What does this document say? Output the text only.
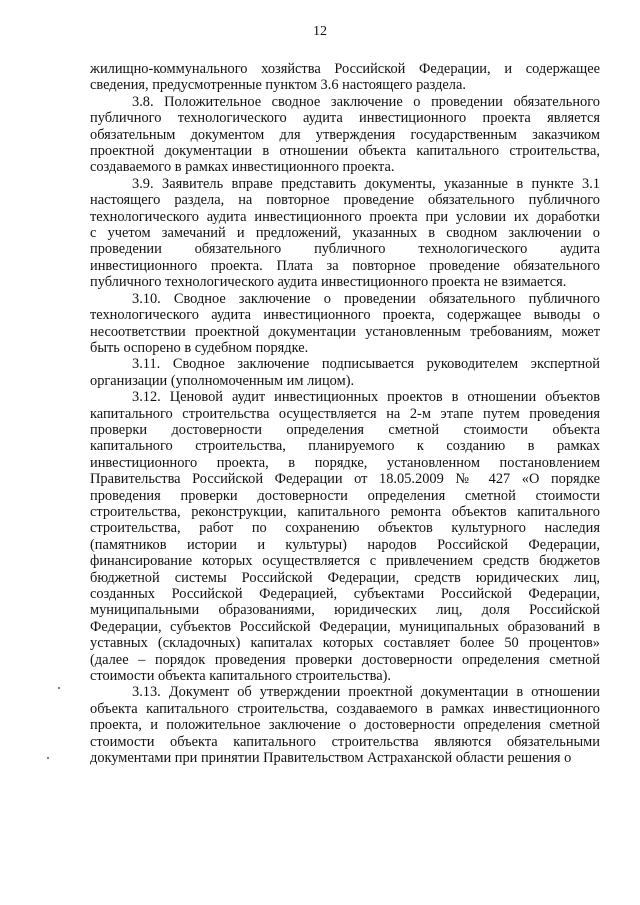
12
жилищно-коммунального хозяйства Российской Федерации, и содержащее
сведения, предусмотренные пунктом 3.6 настоящего раздела.
3.8. Положительное сводное заключение о проведении обязательного
публичного технологического аудита инвестиционного проекта является
обязательным документом для утверждения государственным заказчиком
проектной документации в отношении объекта капитального строительства,
создаваемого в рамках инвестиционного проекта.
3.9. Заявитель вправе представить документы, указанные в пункте 3.1
настоящего раздела, на повторное проведение обязательного публичного
технологического аудита инвестиционного проекта при условии их доработки
с учетом замечаний и предложений, указанных в сводном заключении о
проведении обязательного публичного технологического аудита
инвестиционного проекта. Плата за повторное проведение обязательного
публичного технологического аудита инвестиционного проекта не взимается.
3.10. Сводное заключение о проведении обязательного публичного
технологического аудита инвестиционного проекта, содержащее выводы о
несоответствии проектной документации установленным требованиям, может
быть оспорено в судебном порядке.
3.11. Сводное заключение подписывается руководителем экспертной
организации (уполномоченным им лицом).
3.12. Ценовой аудит инвестиционных проектов в отношении объектов
капитального строительства осуществляется на 2-м этапе путем проведения
проверки достоверности определения сметной стоимости объекта
капитального строительства, планируемого к созданию в рамках
инвестиционного проекта, в порядке, установленном постановлением
Правительства Российской Федерации от 18.05.2009 № 427 «О порядке
проведения проверки достоверности определения сметной стоимости
строительства, реконструкции, капитального ремонта объектов капитального
строительства, работ по сохранению объектов культурного наследия
(памятников истории и культуры) народов Российской Федерации,
финансирование которых осуществляется с привлечением средств бюджетов
бюджетной системы Российской Федерации, средств юридических лиц,
созданных Российской Федерацией, субъектами Российской Федерации,
муниципальными образованиями, юридических лиц, доля Российской
Федерации, субъектов Российской Федерации, муниципальных образований в
уставных (складочных) капиталах которых составляет более 50 процентов»
(далее – порядок проведения проверки достоверности определения сметной
стоимости объекта капитального строительства).
3.13. Документ об утверждении проектной документации в отношении
объекта капитального строительства, создаваемого в рамках инвестиционного
проекта, и положительное заключение о достоверности определения сметной
стоимости объекта капитального строительства являются обязательными
документами при принятии Правительством Астраханской области решения о
